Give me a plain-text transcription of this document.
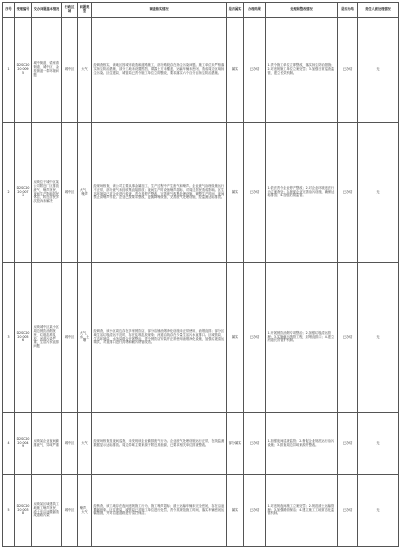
序号	受理编号	交办问题基本情况	行政区域	问题类型	调查核实情况	是否属实	办理结果	处理和整改情况	是否办结	责任人被处理情况
1	D2SC2020 0095	城中街道、梁家湾街道、城中区、金桂街道一带环境问题	城中区	大气	经调查核实，该地区因城市改造和道路施工，部分路段存在扬尘污染问题。施工单位未严格落实扬尘防治措施，部分工地未设置围挡，裸露土方未覆盖，运输车辆未密闭，造成周边区域扬尘污染。区住建局、城管局已责令施工单位立即整改，要求落实六个百分百扬尘防治措施。	属实	已办结	1.责令施工单位立即整改，落实扬尘防治措施；2.对违规施工单位立案处罚；3.加强日常巡查监管，建立长效机制。	已办结	无
2	D2SC2020 0071	反映位于城中区某公司附近厂区排放废气、噪声扰民，夜间生产影响居民休息，附近居民多次投诉未解决	城中区	大气、噪声	经现场核查，该公司主要从事金属加工，生产过程中产生废气和噪声。企业废气治理设施运行不正常，部分废气未经收集直接排放；夜间生产时设备噪声超标，对周边居民造成影响。区生态环境局已对企业进行检查，责令其停产整改，完善废气收集处理设施，调整生产时间，夜间禁止高噪声作业。企业已按要求整改，更换降噪设备，完善废气处理设施，经监测达标排放。	属实	已办结	1.依法责令企业停产整改；2.对企业环境违法行为立案查处；3.督促企业完善治污设施，确保达标排放；4.加强后续监管。	已办结	无
3	D2SC2020 0056	反映城中区某小区周边餐饮油烟扰民、垃圾乱堆乱放，河道污染严重，生活污水直排问题	城中区	大气、水、土壤	经调查，该小区周边存在多家餐饮店，部分店铺油烟净化设施未正常使用，油烟直排；部分区域生活垃圾清运不及时，存在乱堆乱放现象；河道沿线存在少量生活污水直排口。区城管局、生态环境局、水务局联合开展整治，责令餐饮店安装并正常使用油烟净化设施，加强垃圾清运频次，对直排口进行封堵和截污纳管改造。	属实	已办结	1.开展餐饮油烟专项整治；2.加强垃圾清运管理；3.实施截污纳管工程，封堵直排口；4.建立河道长效管护机制。	已办结	无
4	D2SC2020 0049	反映某企业夜间偷排废气、异味严重	城中区	大气	经现场核查及夜间巡查，未发现该企业偷排废气行为。企业废气处理设施运行正常，在线监测数据显示达标排放。周边异味主要来源于附近其他源，已要求相关单位排查整改。	部分属实	已办结	1.加强夜间巡查监管；2.督促企业规范运行治污设施；3.排查周边异味来源并整改。	已办结	无
5	D2SC2020 0038	反映某区域建筑工地施工噪声扰民、渣土车沿途撒漏造成道路污染	城中区	噪声、大气	经核查，该工地存在夜间违规施工行为，施工噪声超标；渣土运输车辆未完全密闭，存在沿途撒漏现象。区住建局、城管局已对施工单位进行处罚，责令其规范施工时间，落实车辆密闭运输措施，并对沿途道路进行清扫保洁。	属实	已办结	1.对违规夜间施工立案处罚；2.规范渣土运输管理；3.加强路面保洁；4.建立施工工地常态化监管机制。	已办结	无
